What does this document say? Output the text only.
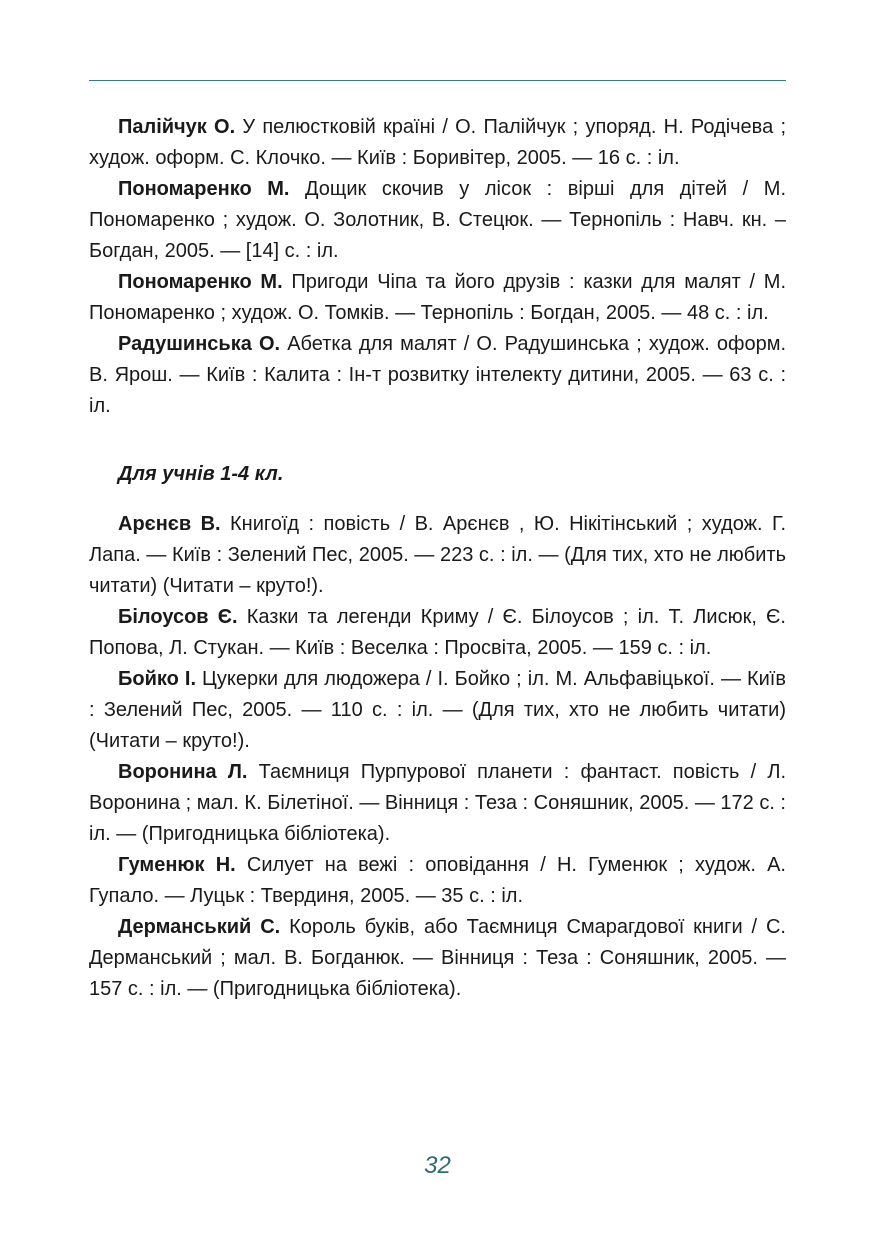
Палійчук О. У пелюстковій країні / О. Палійчук ; упоряд. Н. Родічева ; худож. оформ. С. Клочко. — Київ : Боривітер, 2005. — 16 с. : іл.

Пономаренко М. Дощик скочив у лісок : вірші для дітей / М. Пономаренко ; худож. О. Золотник, В. Стецюк. — Тернопіль : Навч. кн. – Богдан, 2005. — [14] с. : іл.

Пономаренко М. Пригоди Чіпа та його друзів : казки для малят / М. Пономаренко ; худож. О. Томків. — Тернопіль : Богдан, 2005. — 48 с. : іл.

Радушинська О. Абетка для малят / О. Радушинська ; худож. оформ. В. Ярош. — Київ : Калита : Ін-т розвитку інтелекту дитини, 2005. — 63 с. : іл.

Для учнів 1-4 кл.

Арєнєв В. Книгоїд : повість / В. Арєнєв , Ю. Нікітінський ; худож. Г. Лапа. — Київ : Зелений Пес, 2005. — 223 с. : іл. — (Для тих, хто не любить читати) (Читати – круто!).

Білоусов Є. Казки та легенди Криму / Є. Білоусов ; іл. Т. Лисюк, Є. Попова, Л. Стукан. — Київ : Веселка : Просвіта, 2005. — 159 с. : іл.

Бойко І. Цукерки для людожера / І. Бойко ; іл. М. Альфавіцької. — Київ : Зелений Пес, 2005. — 110 с. : іл. — (Для тих, хто не любить читати) (Читати – круто!).

Воронина Л. Таємниця Пурпурової планети : фантаст. повість / Л. Воронина ; мал. К. Білетіної. — Вінниця : Теза : Соняшник, 2005. — 172 с. : іл. — (Пригодницька бібліотека).

Гуменюк Н. Силует на вежі : оповідання / Н. Гуменюк ; худож. А. Гупало. — Луцьк : Твердиня, 2005. — 35 с. : іл.

Дерманський С. Король буків, або Таємниця Смарагдової книги / С. Дерманський ; мал. В. Богданюк. — Вінниця : Теза : Соняшник, 2005. — 157 с. : іл. — (Пригодницька бібліотека).

32
